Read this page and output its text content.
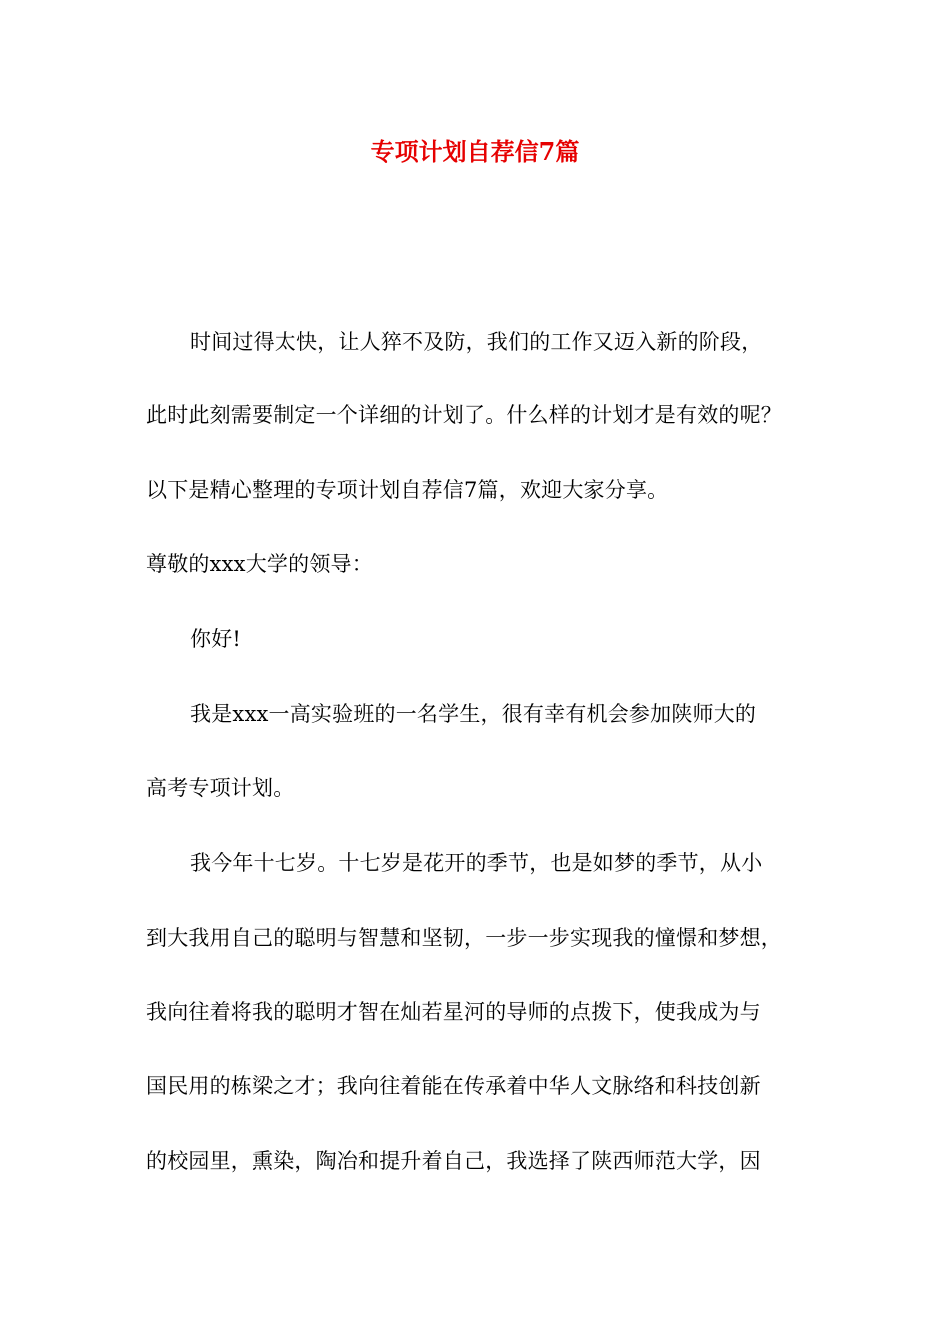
专项计划自荐信7篇
时间过得太快，让人猝不及防，我们的工作又迈入新的阶段，
此时此刻需要制定一个详细的计划了。什么样的计划才是有效的呢？
以下是精心整理的专项计划自荐信7篇，欢迎大家分享。
尊敬的xxx大学的领导：
你好!
我是xxx一高实验班的一名学生，很有幸有机会参加陕师大的
高考专项计划。
我今年十七岁。十七岁是花开的季节，也是如梦的季节，从小
到大我用自己的聪明与智慧和坚韧，一步一步实现我的憧憬和梦想，
我向往着将我的聪明才智在灿若星河的导师的点拨下，使我成为与
国民用的栋梁之才；我向往着能在传承着中华人文脉络和科技创新
的校园里，熏染，陶冶和提升着自己，我选择了陕西师范大学，因
